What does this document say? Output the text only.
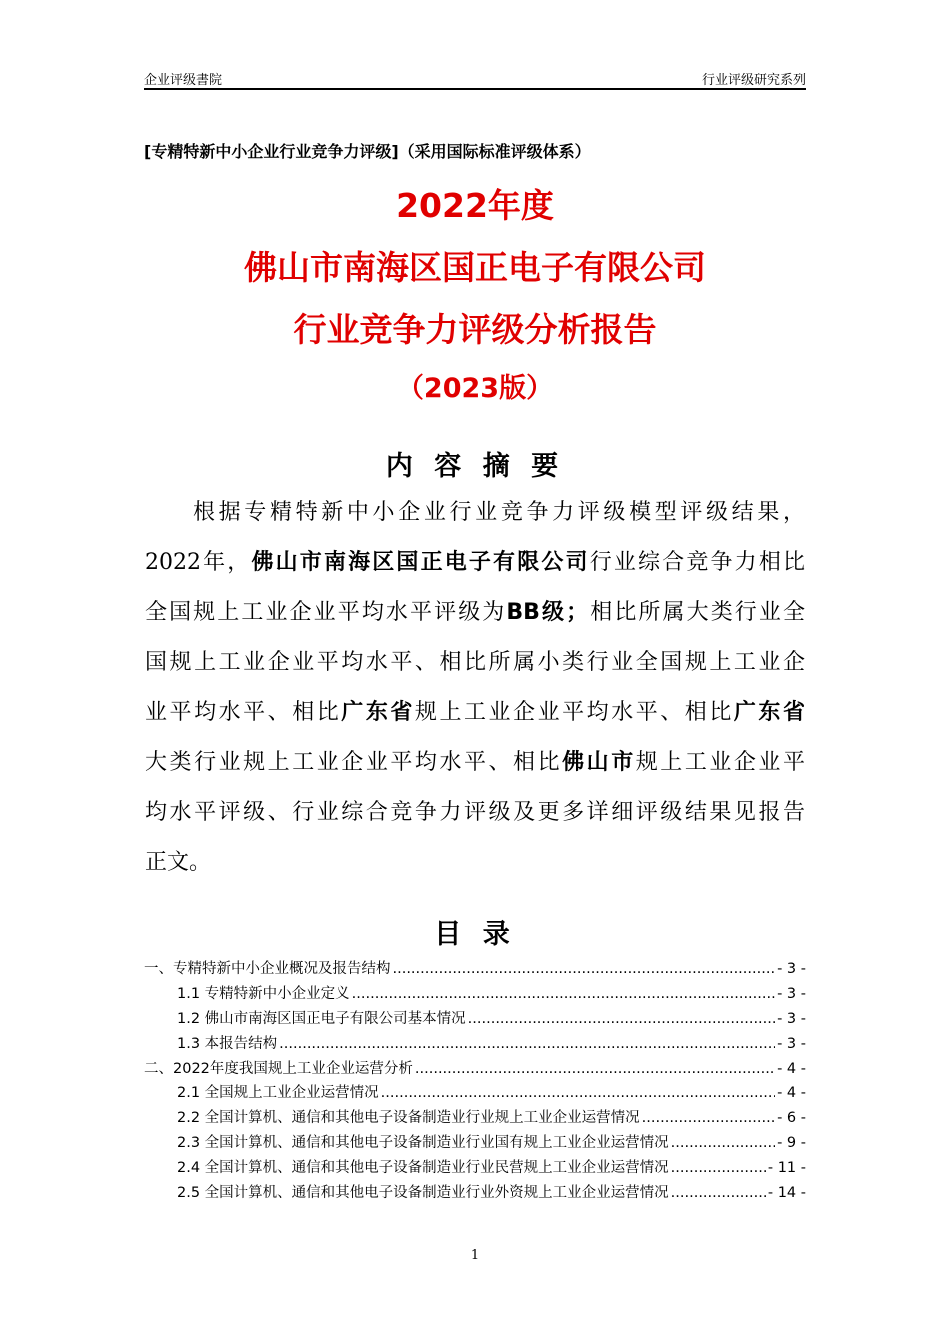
企业评级書院	行业评级研究系列
[专精特新中小企业行业竞争力评级]（采用国际标准评级体系）
2022年度
佛山市南海区国正电子有限公司
行业竞争力评级分析报告
（2023版）
内 容 摘 要
根据专精特新中小企业行业竞争力评级模型评级结果，
2022年，佛山市南海区国正电子有限公司行业综合竞争力相比
全国规上工业企业平均水平评级为BB级；相比所属大类行业全
国规上工业企业平均水平、相比所属小类行业全国规上工业企
业平均水平、相比广东省规上工业企业平均水平、相比广东省
大类行业规上工业企业平均水平、相比佛山市规上工业企业平
均水平评级、行业综合竞争力评级及更多详细评级结果见报告
正文。
目 录
一、专精特新中小企业概况及报告结构 .....	- 3 -
1.1 专精特新中小企业定义 .....	- 3 -
1.2 佛山市南海区国正电子有限公司基本情况 .....	- 3 -
1.3 本报告结构 .....	- 3 -
二、2022年度我国规上工业企业运营分析 .....	- 4 -
2.1 全国规上工业企业运营情况 .....	- 4 -
2.2 全国计算机、通信和其他电子设备制造业行业规上工业企业运营情况 .....	- 6 -
2.3 全国计算机、通信和其他电子设备制造业行业国有规上工业企业运营情况 .....	- 9 -
2.4 全国计算机、通信和其他电子设备制造业行业民营规上工业企业运营情况 .....	- 11 -
2.5 全国计算机、通信和其他电子设备制造业行业外资规上工业企业运营情况 .....	- 14 -
1
